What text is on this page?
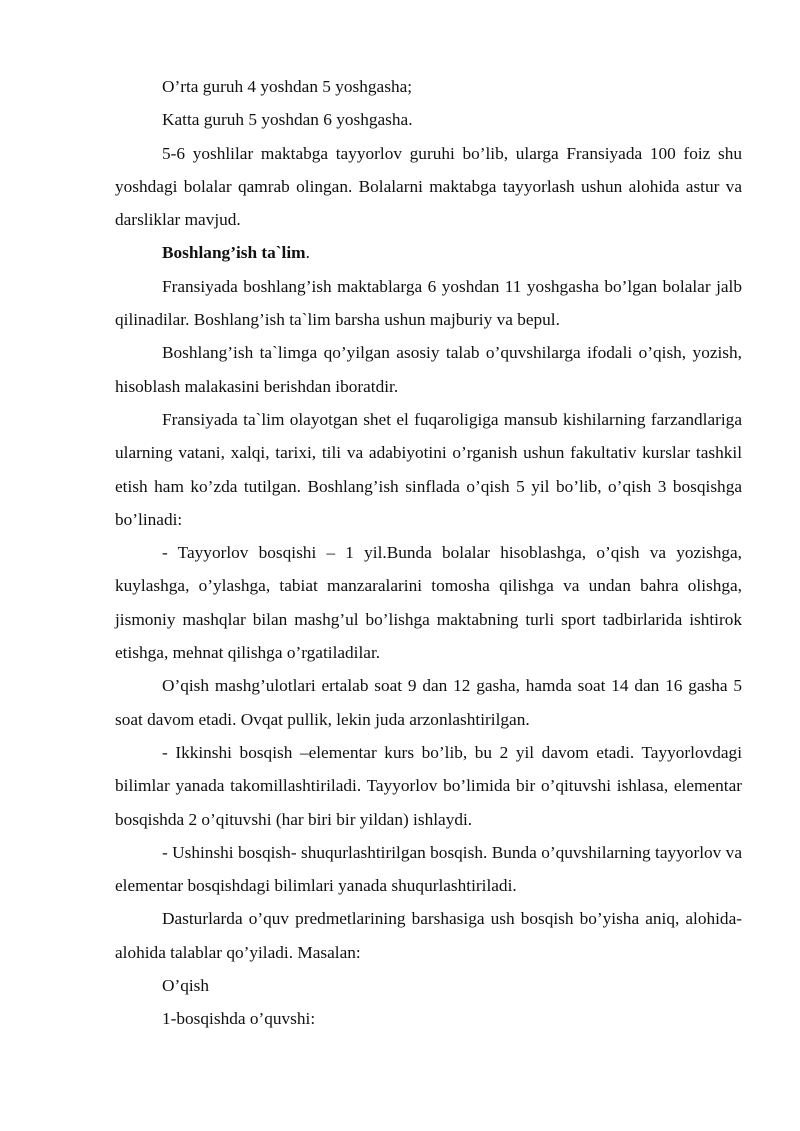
O’rta guruh 4 yoshdan 5 yoshgasha;

Katta guruh 5 yoshdan 6 yoshgasha.

5-6 yoshlilar maktabga tayyorlov guruhi bo’lib, ularga Fransiyada 100 foiz shu yoshdagi bolalar qamrab olingan. Bolalarni maktabga tayyorlash ushun alohida astur va darsliklar mavjud.

Boshlang’ish ta`lim.

Fransiyada boshlang’ish maktablarga 6 yoshdan 11 yoshgasha bo’lgan bolalar jalb qilinadilar. Boshlang’ish ta`lim barsha ushun majburiy va bepul.

Boshlang’ish ta`limga qo’yilgan asosiy talab o’quvshilarga ifodali o’qish, yozish, hisoblash malakasini berishdan iboratdir.

Fransiyada ta`lim olayotgan shet el fuqaroligiga mansub kishilarning farzandlariga ularning vatani, xalqi, tarixi, tili va adabiyotini o’rganish ushun fakultativ kurslar tashkil etish ham ko’zda tutilgan. Boshlang’ish sinflada o’qish 5 yil bo’lib, o’qish 3 bosqishga bo’linadi:

- Tayyorlov bosqishi – 1 yil.Bunda bolalar hisoblashga, o’qish va yozishga, kuylashga, o’ylashga, tabiat manzaralarini tomosha qilishga va undan bahra olishga, jismoniy mashqlar bilan mashg’ul bo’lishga maktabning turli sport tadbirlarida ishtirok etishga, mehnat qilishga o’rgatiladilar.

O’qish mashg’ulotlari ertalab soat 9 dan 12 gasha, hamda soat 14 dan 16 gasha 5 soat davom etadi. Ovqat pullik, lekin juda arzonlashtirilgan.

- Ikkinshi bosqish –elementar kurs bo’lib, bu 2 yil davom etadi. Tayyorlovdagi bilimlar yanada takomillashtiriladi. Tayyorlov bo’limida bir o’qituvshi ishlasa, elementar bosqishda 2 o’qituvshi (har biri bir yildan) ishlaydi.

- Ushinshi bosqish- shuqurlashtirilgan bosqish. Bunda o’quvshilarning tayyorlov va elementar bosqishdagi bilimlari yanada shuqurlashtiriladi.

Dasturlarda o’quv predmetlarining barshasiga ush bosqish bo’yisha aniq, alohida-alohida talablar qo’yiladi. Masalan:

O’qish

1-bosqishda o’quvshi:
